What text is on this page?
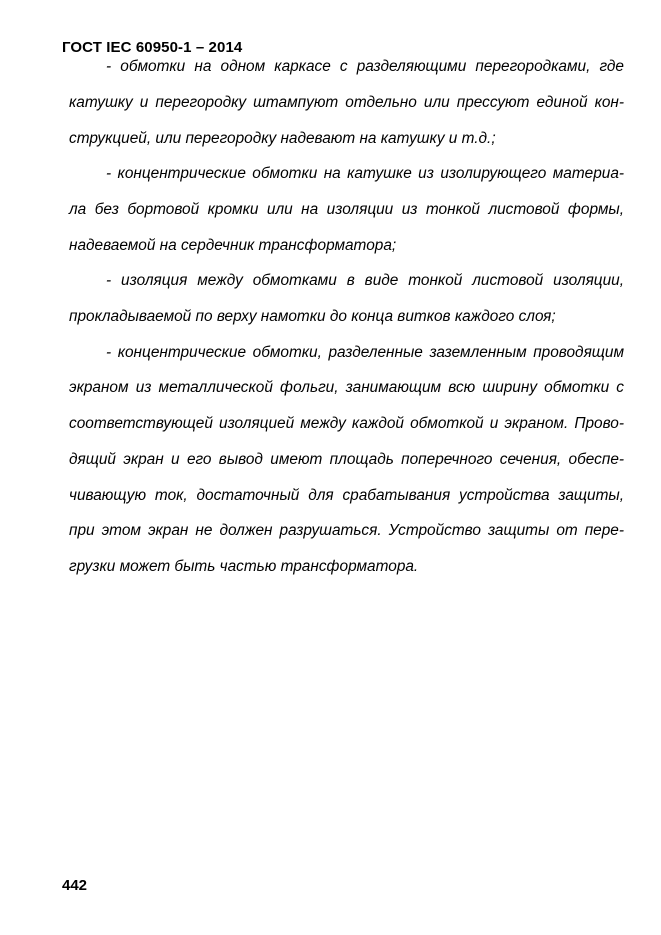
ГОСТ IEC 60950-1 – 2014
- обмотки на одном каркасе с разделяющими перегородками, где
катушку и перегородку штампуют отдельно или прессуют единой кон-
струкцией, или перегородку надевают на катушку и т.д.;
- концентрические обмотки на катушке из изолирующего материа-
ла без бортовой кромки или на изоляции из тонкой листовой формы,
надеваемой на сердечник трансформатора;
- изоляция между обмотками в виде тонкой листовой изоляции,
прокладываемой по верху намотки до конца витков каждого слоя;
- концентрические обмотки, разделенные заземленным проводящим
экраном из металлической фольги, занимающим всю ширину обмотки с
соответствующей изоляцией между каждой обмоткой и экраном. Прово-
дящий экран и его вывод имеют площадь поперечного сечения, обеспе-
чивающую ток, достаточный для срабатывания устройства защиты,
при этом экран не должен разрушаться. Устройство защиты от пере-
грузки может быть частью трансформатора.
442
